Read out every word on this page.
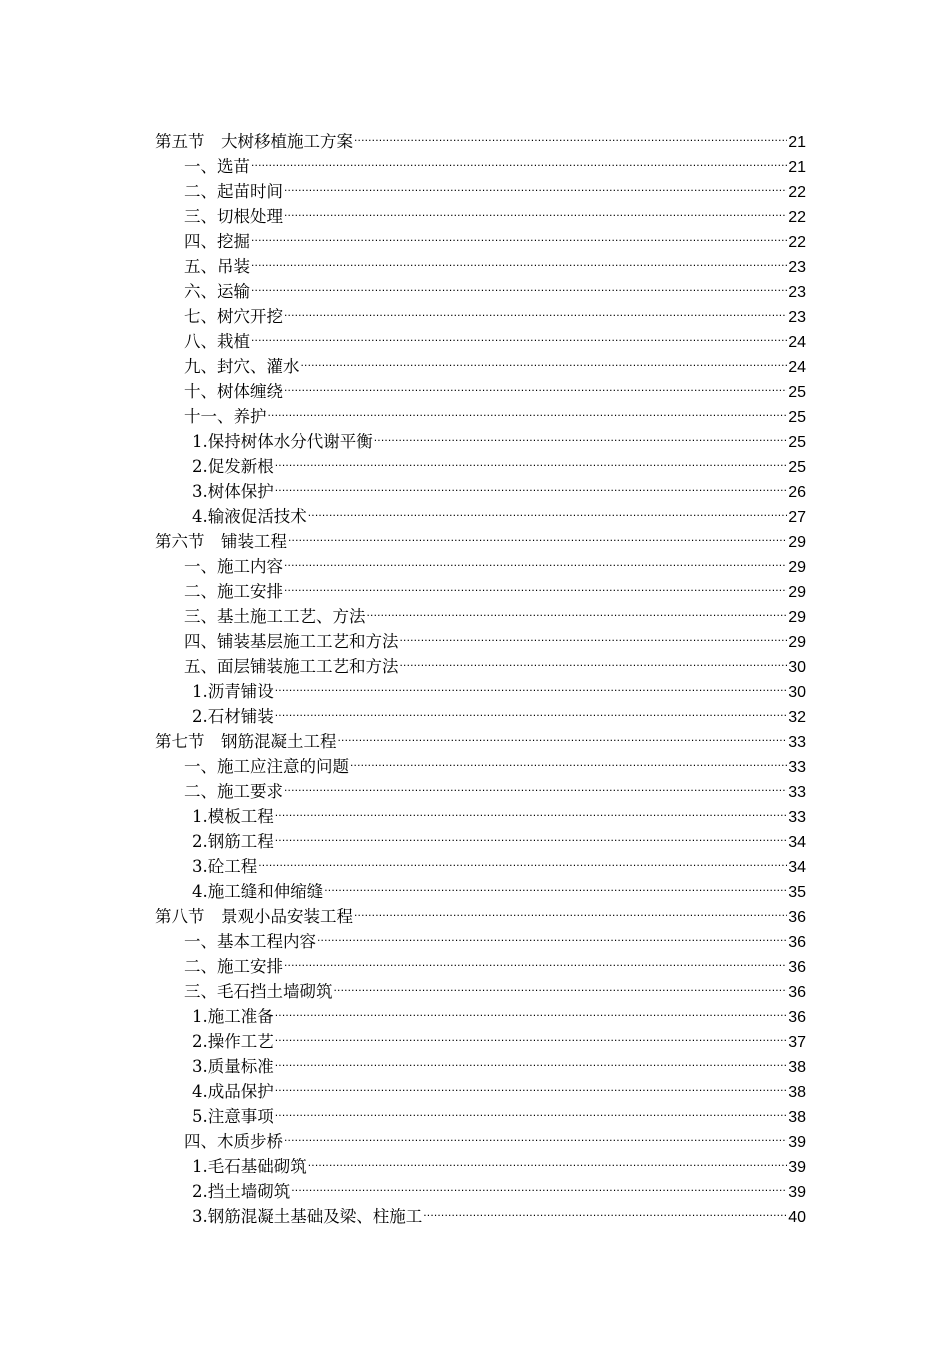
第五节　大树移植施工方案 .....	21
一、选苗 .....	21
二、起苗时间 .....	22
三、切根处理 .....	22
四、挖掘 .....	22
五、吊装 .....	23
六、运输 .....	23
七、树穴开挖 .....	23
八、栽植 .....	24
九、封穴、灌水 .....	24
十、树体缠绕 .....	25
十一、养护 .....	25
1.保持树体水分代谢平衡 .....	25
2.促发新根 .....	25
3.树体保护 .....	26
4.输液促活技术 .....	27
第六节　铺装工程 .....	29
一、施工内容 .....	29
二、施工安排 .....	29
三、基土施工工艺、方法 .....	29
四、铺装基层施工工艺和方法 .....	29
五、面层铺装施工工艺和方法 .....	30
1.沥青铺设 .....	30
2.石材铺装 .....	32
第七节　钢筋混凝土工程 .....	33
一、施工应注意的问题 .....	33
二、施工要求 .....	33
1.模板工程 .....	33
2.钢筋工程 .....	34
3.砼工程 .....	34
4.施工缝和伸缩缝 .....	35
第八节　景观小品安装工程 .....	36
一、基本工程内容 .....	36
二、施工安排 .....	36
三、毛石挡土墙砌筑 .....	36
1.施工准备 .....	36
2.操作工艺 .....	37
3.质量标准 .....	38
4.成品保护 .....	38
5.注意事项 .....	38
四、木质步桥 .....	39
1.毛石基础砌筑 .....	39
2.挡土墙砌筑 .....	39
3.钢筋混凝土基础及梁、柱施工 .....	40
